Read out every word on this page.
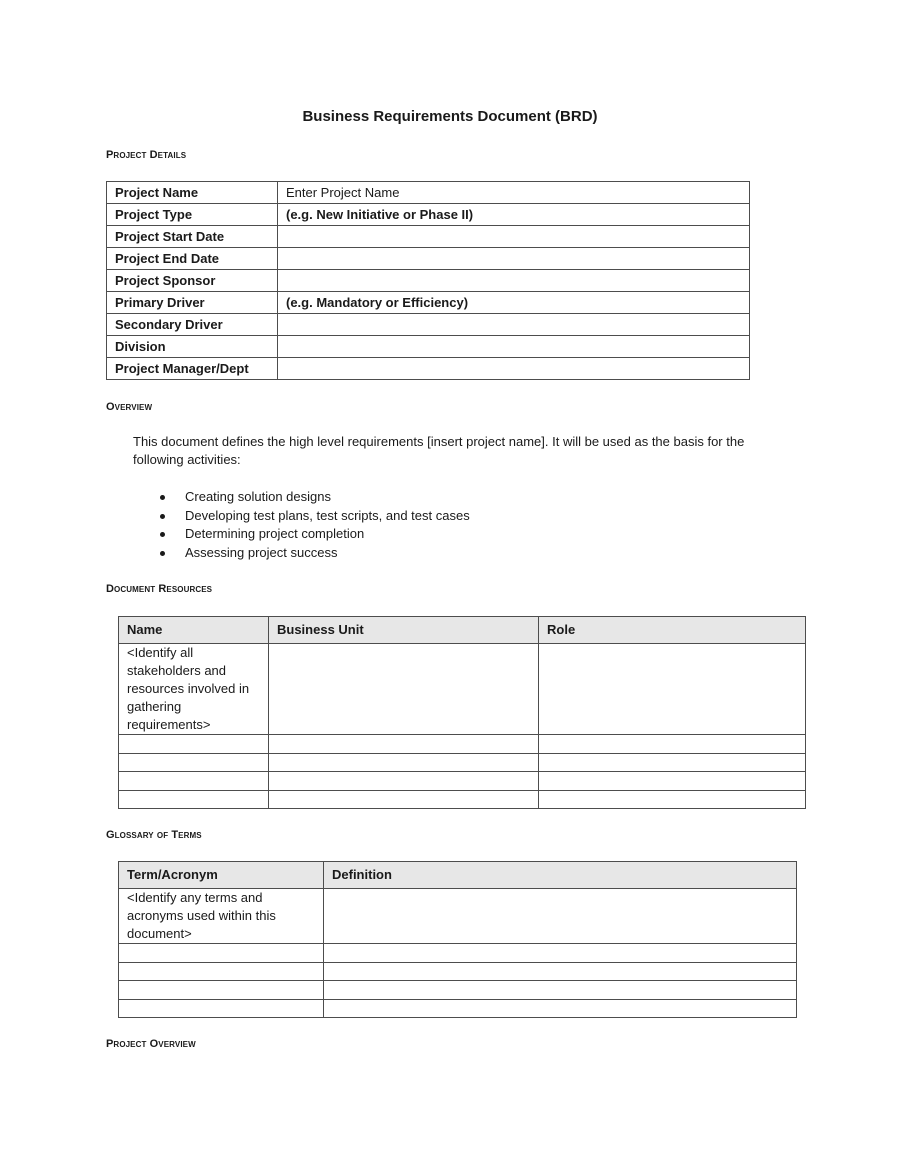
Business Requirements Document (BRD)
Project Details
Project Name	Enter Project Name
Project Type	(e.g. New Initiative or Phase II)
Project Start Date	
Project End Date	
Project Sponsor	
Primary Driver	(e.g. Mandatory or Efficiency)
Secondary Driver	
Division	
Project Manager/Dept	
Overview
This document defines the high level requirements [insert project name]. It will be used as the basis for the following activities:
Creating solution designs
Developing test plans, test scripts, and test cases
Determining project completion
Assessing project success
Document Resources
Name	Business Unit	Role
<Identify all stakeholders and resources involved in gathering requirements>		

Glossary of Terms
Term/Acronym	Definition
<Identify any terms and acronyms used within this document>	

Project Overview
